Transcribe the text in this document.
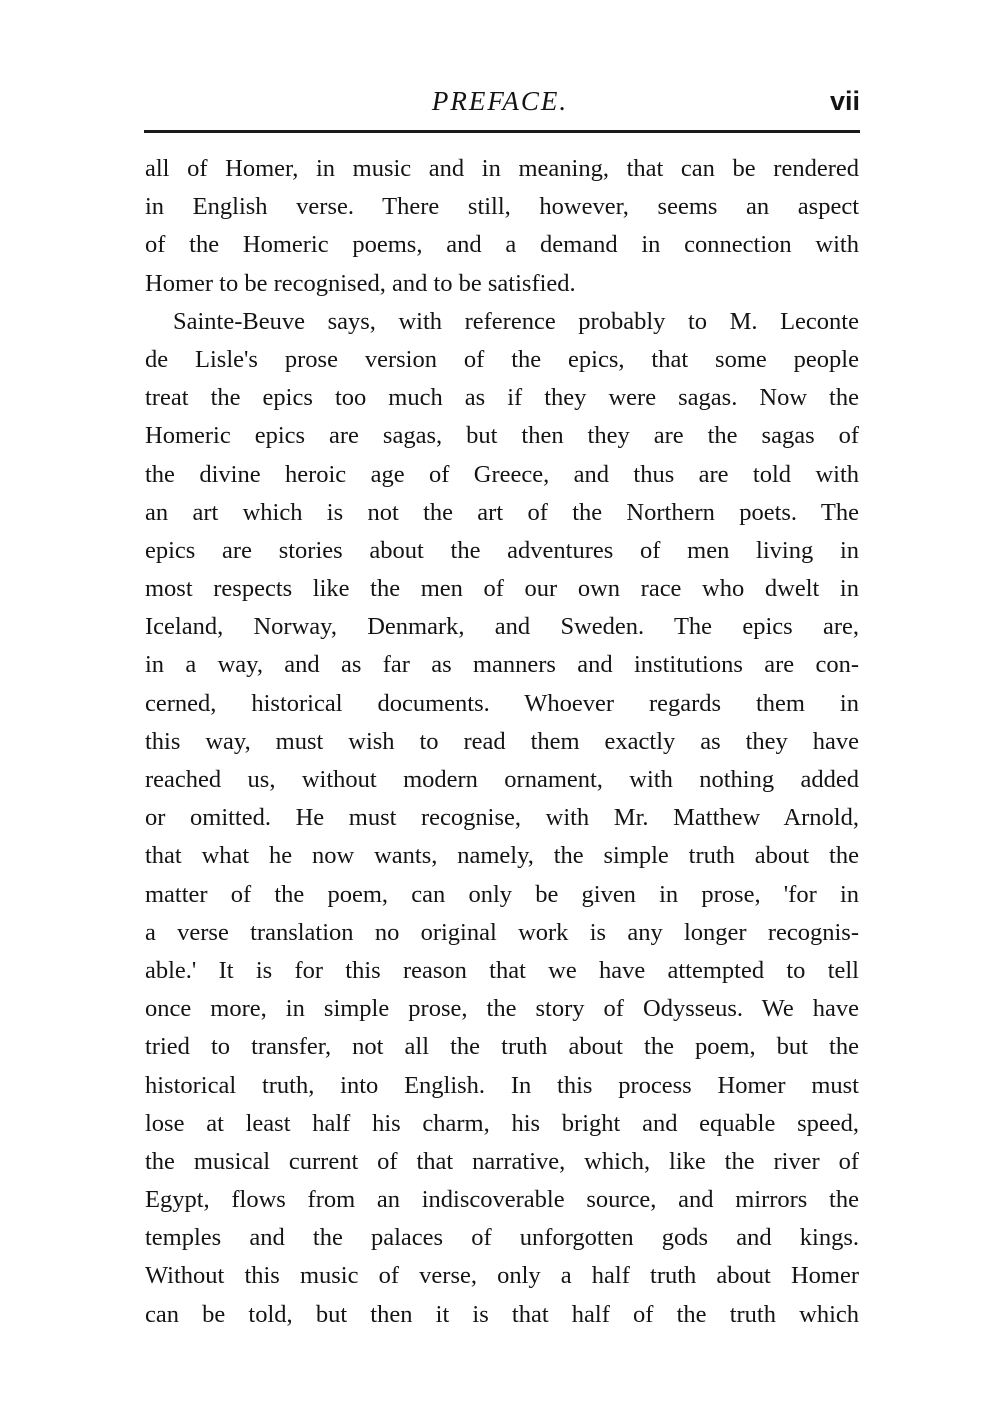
PREFACE.	vii
all of Homer, in music and in meaning, that can be rendered
in English verse. There still, however, seems an aspect
of the Homeric poems, and a demand in connection with
Homer to be recognised, and to be satisfied.
Sainte-Beuve says, with reference probably to M. Leconte
de Lisle's prose version of the epics, that some people
treat the epics too much as if they were sagas. Now the
Homeric epics are sagas, but then they are the sagas of
the divine heroic age of Greece, and thus are told with
an art which is not the art of the Northern poets. The
epics are stories about the adventures of men living in
most respects like the men of our own race who dwelt in
Iceland, Norway, Denmark, and Sweden. The epics are,
in a way, and as far as manners and institutions are con-
cerned, historical documents. Whoever regards them in
this way, must wish to read them exactly as they have
reached us, without modern ornament, with nothing added
or omitted. He must recognise, with Mr. Matthew Arnold,
that what he now wants, namely, the simple truth about the
matter of the poem, can only be given in prose, 'for in
a verse translation no original work is any longer recognis-
able.' It is for this reason that we have attempted to tell
once more, in simple prose, the story of Odysseus. We have
tried to transfer, not all the truth about the poem, but the
historical truth, into English. In this process Homer must
lose at least half his charm, his bright and equable speed,
the musical current of that narrative, which, like the river of
Egypt, flows from an indiscoverable source, and mirrors the
temples and the palaces of unforgotten gods and kings.
Without this music of verse, only a half truth about Homer
can be told, but then it is that half of the truth which
